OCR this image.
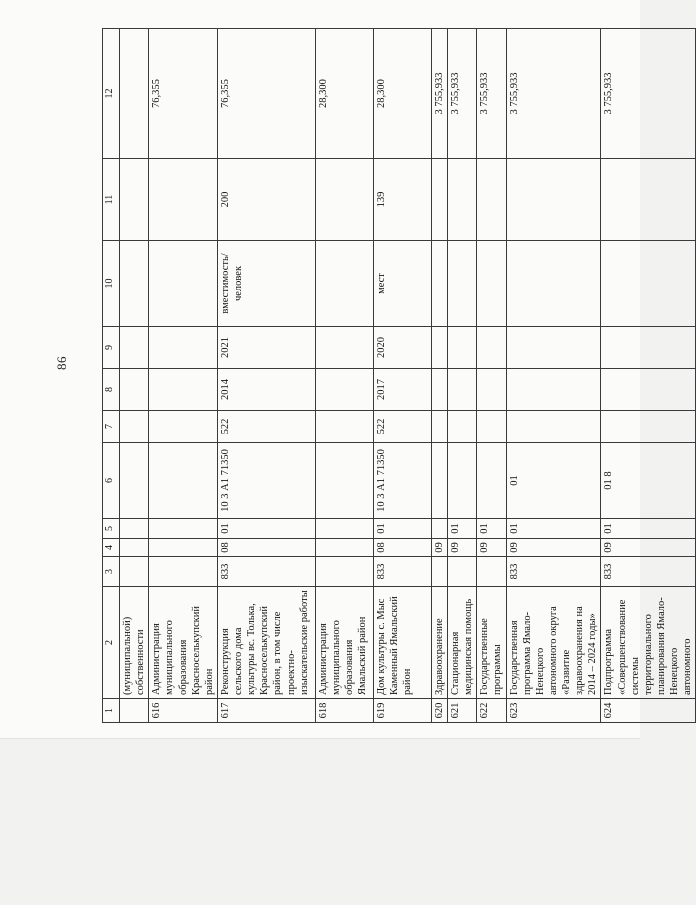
86
1	2	3	4	5	6	7	8	9	10	11	12
	(муниципальной) собственности										
616	Администрация муниципального образования Красноселькупский район										76,355
617	Реконструкция сельского дома культуры вс. Толька, Красноселькупский район, в том числе проектно-изыскательские работы	833	08	01	10 3 А1 71350	522	2014	2021	вместимость/ человек	200	76,355
618	Администрация муниципального образования Ямальский район										28,300
619	Дом культуры с. Мыс Каменный Ямальский район	833	08	01	10 3 А1 71350	522	2017	2020	мест	139	28,300
620	Здравоохранение		09								3 755,933
621	Стационарная медицинская помощь		09	01							3 755,933
622	Государственные программы		09	01							3 755,933
623	Государственная программа Ямало-Ненецкого автономного округа «Развитие здравоохранения на 2014 – 2024 годы»	833	09	01	01						3 755,933
624	Подпрограмма «Совершенствование системы территориального планирования Ямало-Ненецкого автономного	833	09	01	01 8						3 755,933
